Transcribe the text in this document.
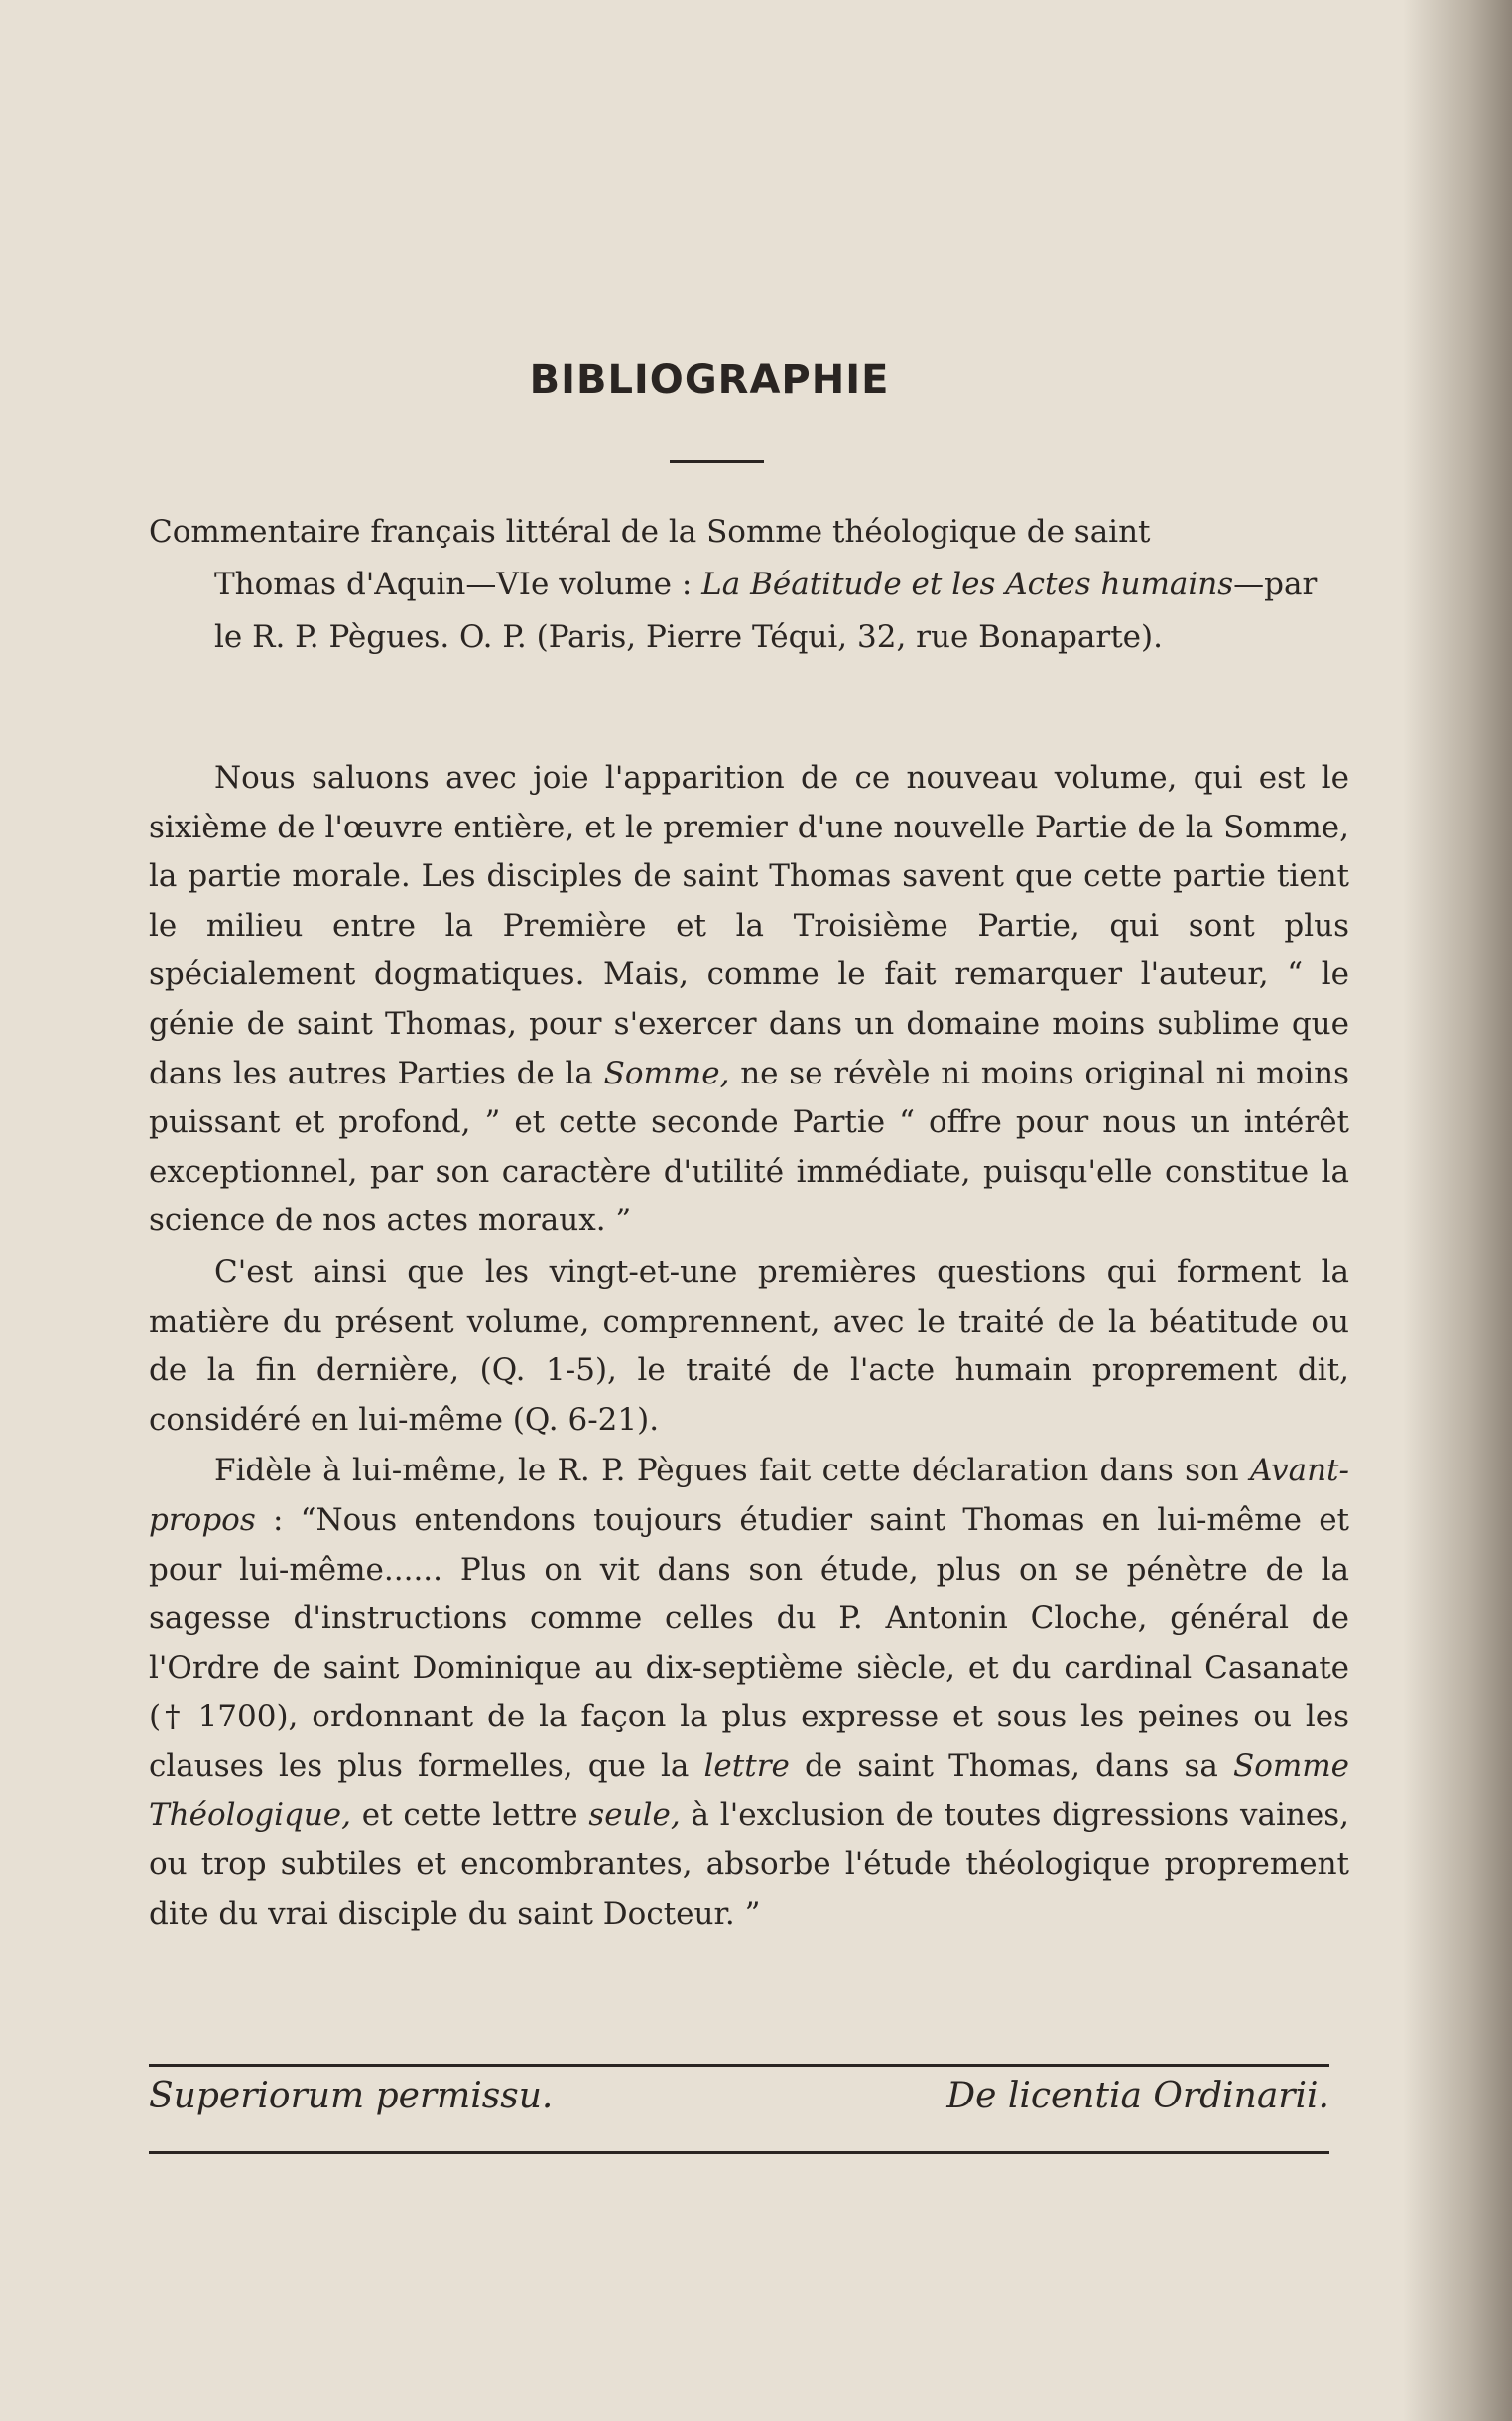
BIBLIOGRAPHIE
Commentaire français littéral de la Somme théologique de saint
Thomas d'Aquin—VIe volume : La Béatitude et les Actes humains—par le R. P. Pègues. O. P. (Paris, Pierre Téqui, 32, rue Bonaparte).

Nous saluons avec joie l'apparition de ce nouveau volume, qui est le sixième de l'œuvre entière, et le premier d'une nouvelle Partie de la Somme, la partie morale. Les disciples de saint Thomas savent que cette partie tient le milieu entre la Première et la Troisième Partie, qui sont plus spécialement dogmatiques. Mais, comme le fait remarquer l'auteur, “ le génie de saint Thomas, pour s'exercer dans un domaine moins sublime que dans les autres Parties de la Somme, ne se révèle ni moins original ni moins puissant et profond, ” et cette seconde Partie “ offre pour nous un intérêt exceptionnel, par son caractère d'utilité immédiate, puisqu'elle constitue la science de nos actes moraux. ”

C'est ainsi que les vingt-et-une premières questions qui forment la matière du présent volume, comprennent, avec le traité de la béatitude ou de la fin dernière, (Q. 1-5), le traité de l'acte humain proprement dit, considéré en lui-même (Q. 6-21).

Fidèle à lui-même, le R. P. Pègues fait cette déclaration dans son Avant-propos : “Nous entendons toujours étudier saint Thomas en lui-même et pour lui-même...... Plus on vit dans son étude, plus on se pénètre de la sagesse d'instructions comme celles du P. Antonin Cloche, général de l'Ordre de saint Dominique au dix-septième siècle, et du cardinal Casanate († 1700), ordonnant de la façon la plus expresse et sous les peines ou les clauses les plus formelles, que la lettre de saint Thomas, dans sa Somme Théologique, et cette lettre seule, à l'exclusion de toutes digressions vaines, ou trop subtiles et encombrantes, absorbe l'étude théologique proprement dite du vrai disciple du saint Docteur. ”

Superiorum permissu.	De licentia Ordinarii.
